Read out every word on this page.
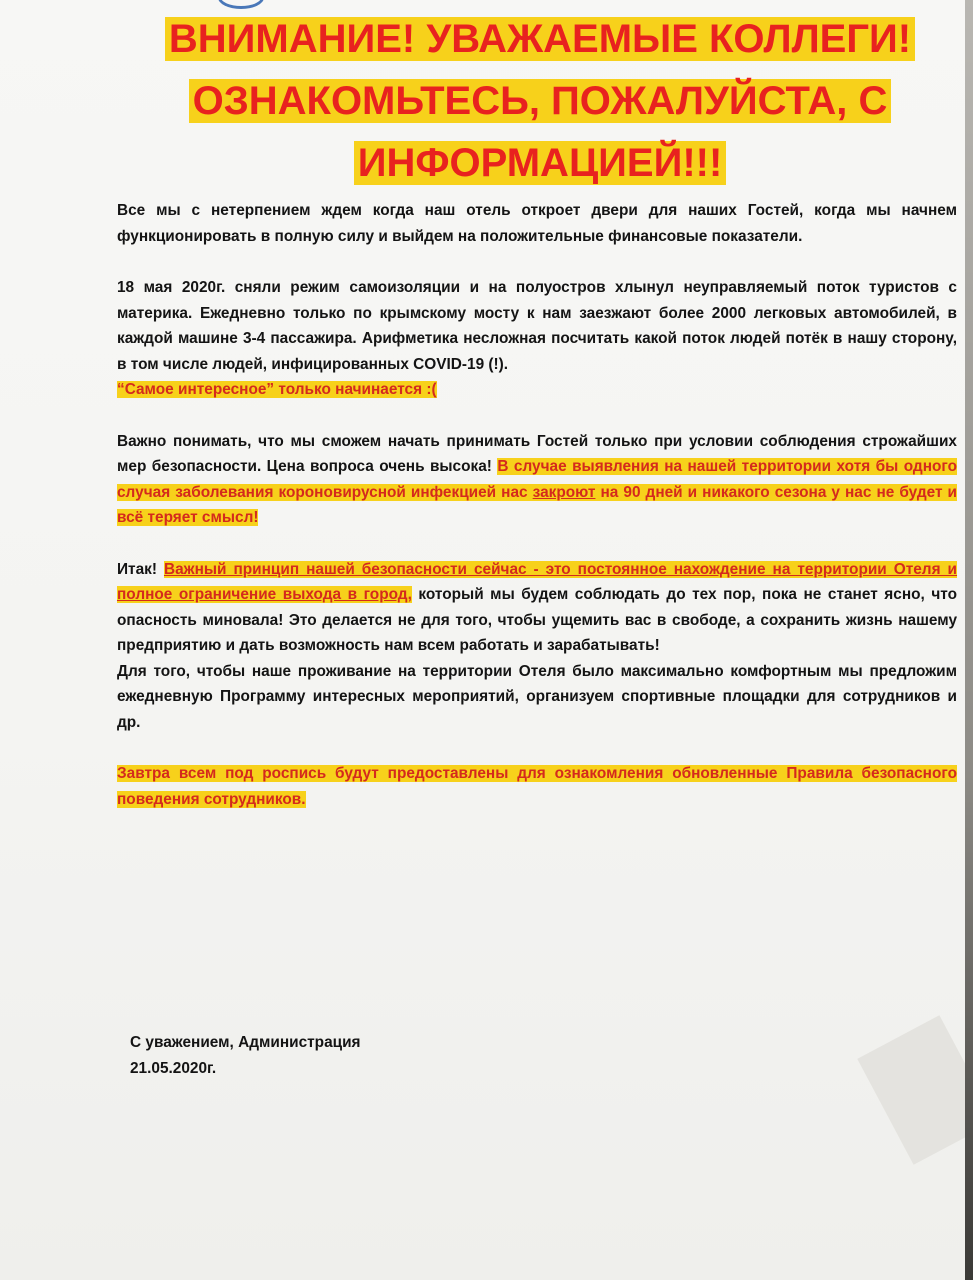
ВНИМАНИЕ! УВАЖАЕМЫЕ КОЛЛЕГИ!
ОЗНАКОМЬТЕСЬ, ПОЖАЛУЙСТА, С
ИНФОРМАЦИЕЙ!!!

Все мы с нетерпением ждем когда наш отель откроет двери для наших Гостей, когда мы начнем функционировать в полную силу и выйдем на положительные финансовые показатели.

18 мая 2020г. сняли режим самоизоляции и на полуостров хлынул неуправляемый поток туристов с материка. Ежедневно только по крымскому мосту к нам заезжают более 2000 легковых автомобилей, в каждой машине 3-4 пассажира. Арифметика несложная посчитать какой поток людей потёк в нашу сторону, в том числе людей, инфицированных COVID-19 (!).
“Самое интересное” только начинается :(

Важно понимать, что мы сможем начать принимать Гостей только при условии соблюдения строжайших мер безопасности. Цена вопроса очень высока! В случае выявления на нашей территории хотя бы одного случая заболевания короновирусной инфекцией нас закроют на 90 дней и никакого сезона у нас не будет и всё теряет смысл!

Итак! Важный принцип нашей безопасности сейчас - это постоянное нахождение на территории Отеля и полное ограничение выхода в город, который мы будем соблюдать до тех пор, пока не станет ясно, что опасность миновала! Это делается не для того, чтобы ущемить вас в свободе, а сохранить жизнь нашему предприятию и дать возможность нам всем работать и зарабатывать!

Для того, чтобы наше проживание на территории Отеля было максимально комфортным мы предложим ежедневную Программу интересных мероприятий, организуем спортивные площадки для сотрудников и др.

Завтра всем под роспись будут предоставлены для ознакомления обновленные Правила безопасного поведения сотрудников.

С уважением, Администрация
21.05.2020г.
